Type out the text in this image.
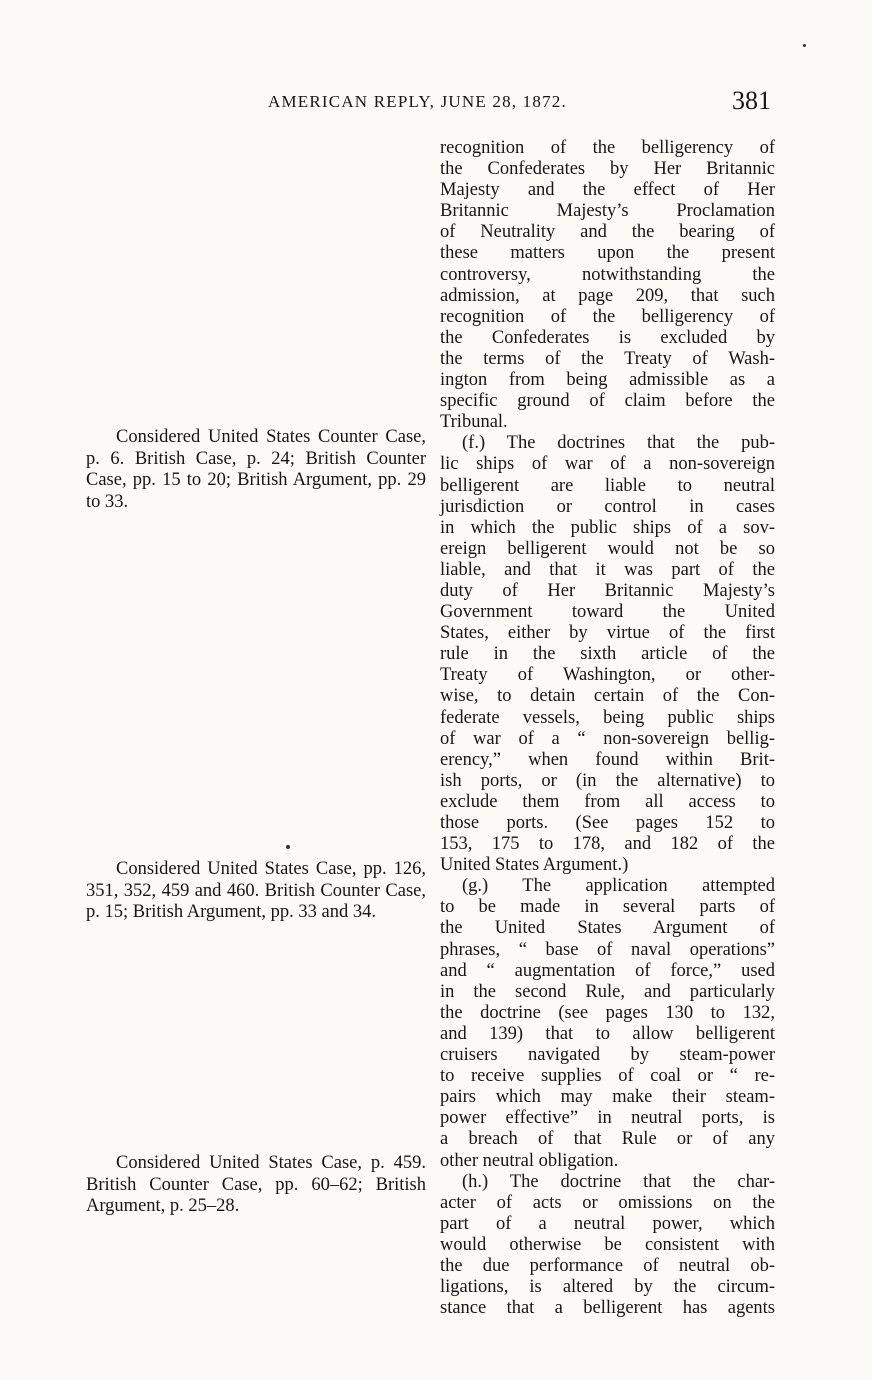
AMERICAN REPLY, JUNE 28, 1872.	381

Considered United States Counter Case, p. 6. British Case, p. 24; British Counter Case, pp. 15 to 20; British Argument, pp. 29 to 33.

Considered United States Case, pp. 126, 351, 352, 459 and 460. British Counter Case, p. 15; British Argument, pp. 33 and 34.

Considered United States Case, p. 459. British Counter Case, pp. 60–62; British Argument, p. 25–28.

recognition of the belligerency of
the Confederates by Her Britannic
Majesty and the effect of Her
Britannic Majesty’s Proclamation
of Neutrality and the bearing of
these matters upon the present
controversy, notwithstanding the
admission, at page 209, that such
recognition of the belligerency of
the Confederates is excluded by
the terms of the Treaty of Wash-
ington from being admissible as a
specific ground of claim before the
Tribunal.

(f.) The doctrines that the pub-
lic ships of war of a non-sovereign
belligerent are liable to neutral
jurisdiction or control in cases
in which the public ships of a sov-
ereign belligerent would not be so
liable, and that it was part of the
duty of Her Britannic Majesty’s
Government toward the United
States, either by virtue of the first
rule in the sixth article of the
Treaty of Washington, or other-
wise, to detain certain of the Con-
federate vessels, being public ships
of war of a “ non-sovereign bellig-
erency,” when found within Brit-
ish ports, or (in the alternative) to
exclude them from all access to
those ports. (See pages 152 to
153, 175 to 178, and 182 of the
United States Argument.)

(g.) The application attempted
to be made in several parts of
the United States Argument of
phrases, “ base of naval operations”
and “ augmentation of force,” used
in the second Rule, and particularly
the doctrine (see pages 130 to 132,
and 139) that to allow belligerent
cruisers navigated by steam-power
to receive supplies of coal or “ re-
pairs which may make their steam-
power effective” in neutral ports, is
a breach of that Rule or of any
other neutral obligation.

(h.) The doctrine that the char-
acter of acts or omissions on the
part of a neutral power, which
would otherwise be consistent with
the due performance of neutral ob-
ligations, is altered by the circum-
stance that a belligerent has agents
